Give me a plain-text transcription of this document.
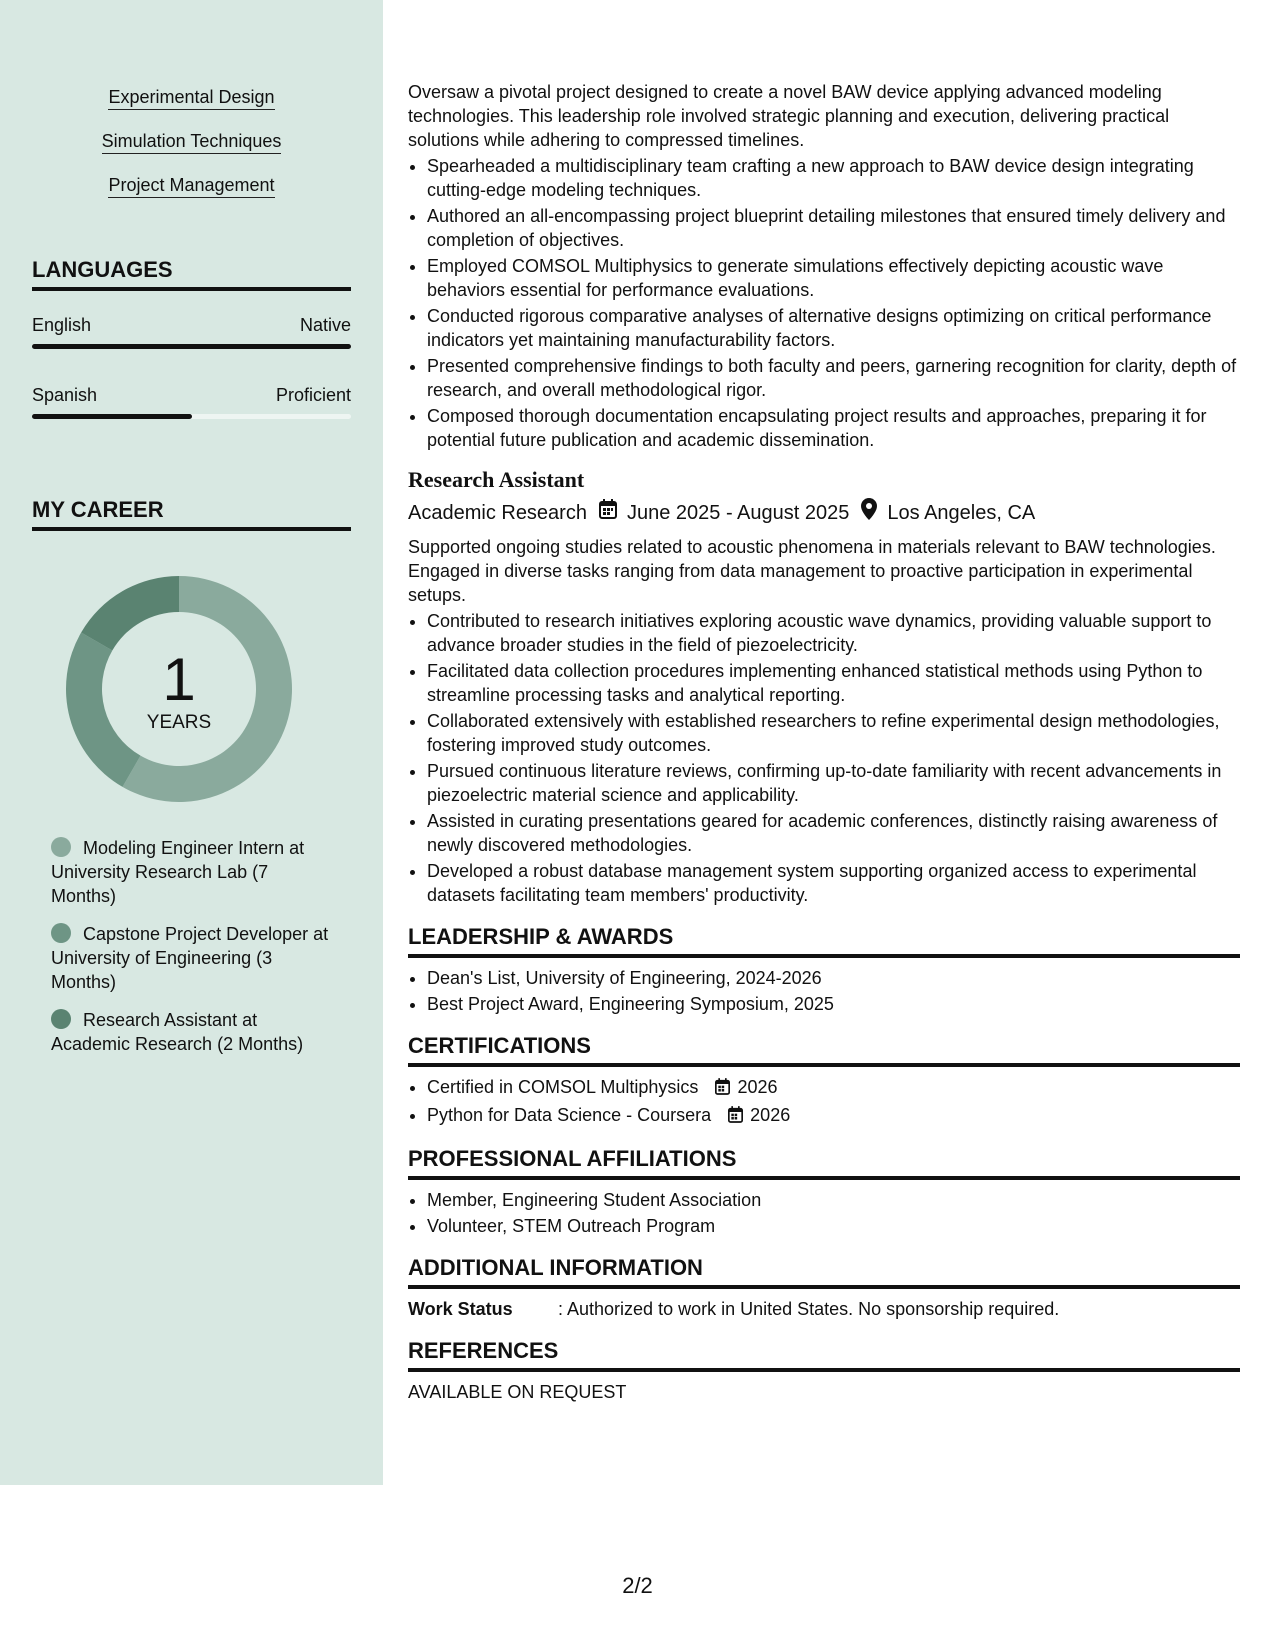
Experimental Design
Simulation Techniques
Project Management
LANGUAGES
English	Native
Spanish	Proficient
MY CAREER
1
YEARS
Modeling Engineer Intern at University Research Lab (7 Months)
Capstone Project Developer at University of Engineering (3 Months)
Research Assistant at Academic Research (2 Months)

Oversaw a pivotal project designed to create a novel BAW device applying advanced modeling technologies. This leadership role involved strategic planning and execution, delivering practical solutions while adhering to compressed timelines.

• Spearheaded a multidisciplinary team crafting a new approach to BAW device design integrating cutting-edge modeling techniques.
• Authored an all-encompassing project blueprint detailing milestones that ensured timely delivery and completion of objectives.
• Employed COMSOL Multiphysics to generate simulations effectively depicting acoustic wave behaviors essential for performance evaluations.
• Conducted rigorous comparative analyses of alternative designs optimizing on critical performance indicators yet maintaining manufacturability factors.
• Presented comprehensive findings to both faculty and peers, garnering recognition for clarity, depth of research, and overall methodological rigor.
• Composed thorough documentation encapsulating project results and approaches, preparing it for potential future publication and academic dissemination.
Research Assistant
Academic Research June 2025 - August 2025 Los Angeles, CA

Supported ongoing studies related to acoustic phenomena in materials relevant to BAW technologies. Engaged in diverse tasks ranging from data management to proactive participation in experimental setups.

• Contributed to research initiatives exploring acoustic wave dynamics, providing valuable support to advance broader studies in the field of piezoelectricity.
• Facilitated data collection procedures implementing enhanced statistical methods using Python to streamline processing tasks and analytical reporting.
• Collaborated extensively with established researchers to refine experimental design methodologies, fostering improved study outcomes.
• Pursued continuous literature reviews, confirming up-to-date familiarity with recent advancements in piezoelectric material science and applicability.
• Assisted in curating presentations geared for academic conferences, distinctly raising awareness of newly discovered methodologies.
• Developed a robust database management system supporting organized access to experimental datasets facilitating team members' productivity.
LEADERSHIP & AWARDS
• Dean's List, University of Engineering, 2024-2026
• Best Project Award, Engineering Symposium, 2025
CERTIFICATIONS
• Certified in COMSOL Multiphysics 2026
• Python for Data Science - Coursera 2026
PROFESSIONAL AFFILIATIONS
• Member, Engineering Student Association
• Volunteer, STEM Outreach Program
ADDITIONAL INFORMATION
Work Status	: Authorized to work in United States. No sponsorship required.
REFERENCES
AVAILABLE ON REQUEST
2/2
